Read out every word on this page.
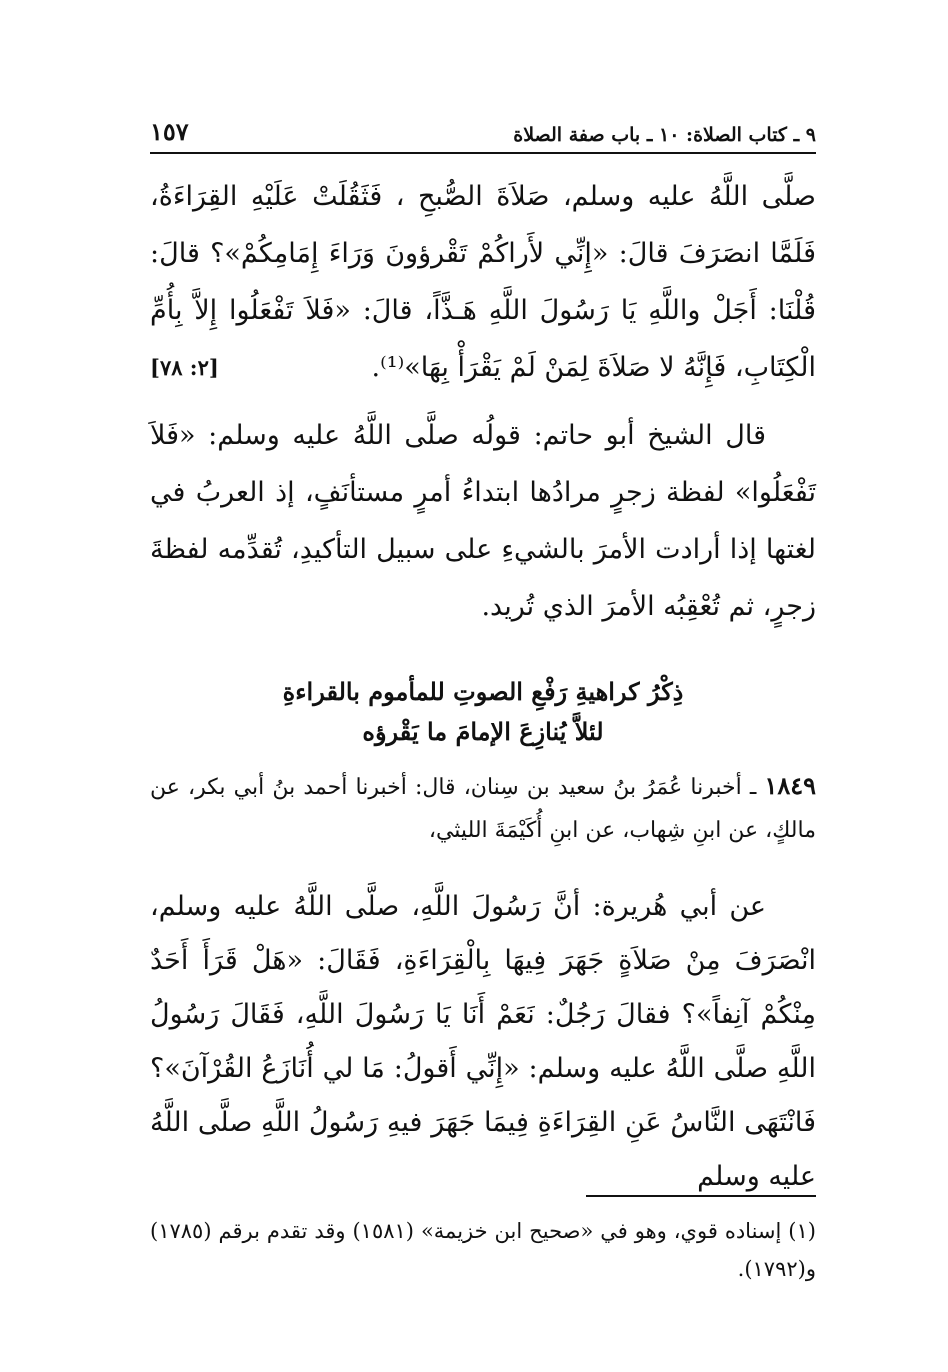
٩ ـ كتاب الصلاة: ١٠ ـ باب صفة الصلاة
١٥٧
صلَّى اللَّهُ عليه وسلم، صَلاَةَ الصُّبحِ ، فَثَقُلَتْ عَلَيْهِ القِرَاءَةُ، فَلَمَّا انصَرَفَ قالَ: «إِنِّي لأَراكُمْ تَقْرؤونَ وَرَاءَ إِمَامِكُمْ»؟ قالَ: قُلْنَا: أَجَلْ واللَّهِ يَا رَسُولَ اللَّهِ هَـذَّاً، قالَ: «فَلاَ تَفْعَلُوا إِلاَّ بِأُمِّ الْكِتَابِ، فَإِنَّهُ لا صَلاَةَ لِمَنْ لَمْ يَقْرَأْ بِهَا»⁽¹⁾.
[٢: ٧٨]

قال الشيخ أبو حاتم: قولُه صلَّى اللَّهُ عليه وسلم: «فَلاَ تَفْعَلُوا» لفظة زجرٍ مرادُها ابتداءُ أمرٍ مستأنَفٍ، إذ العربُ في لغتها إذا أرادت الأمرَ بالشيءِ على سبيل التأكيدِ، تُقدِّمه لفظةَ زجرٍ، ثم تُعْقِبُه الأمرَ الذي تُريد.

ذِكْرُ كراهيةِ رَفْعِ الصوتِ للمأموم بالقراءةِ
لئلاَّ يُنازِعَ الإمامَ ما يَقْرؤه

١٨٤٩ ـ أخبرنا عُمَرُ بنُ سعيد بن سِنان، قال: أخبرنا أحمد بنُ أبي بكر، عن مالكٍ، عن ابنِ شِهاب، عن ابنِ أُكَيْمَةَ الليثي،

عن أبي هُريرة: أنَّ رَسُولَ اللَّهِ، صلَّى اللَّهُ عليه وسلم، انْصَرَفَ مِنْ صَلاَةٍ جَهَرَ فِيهَا بِالْقِرَاءَةِ، فَقَالَ: «هَلْ قَرَأَ أَحَدٌ مِنْكُمْ آنِفاً»؟ فقالَ رَجُلٌ: نَعَمْ أَنَا يَا رَسُولَ اللَّهِ، فَقَالَ رَسُولُ اللَّهِ صلَّى اللَّهُ عليه وسلم: «إِنِّي أَقولُ: مَا لي أُنَازَعُ القُرْآنَ»؟ فَانْتَهَى النَّاسُ عَنِ القِرَاءَةِ فِيمَا جَهَرَ فيهِ رَسُولُ اللَّهِ صلَّى اللَّهُ عليه وسلم

(١) إسناده قوي، وهو في «صحيح ابن خزيمة» (١٥٨١) وقد تقدم برقم (١٧٨٥) و(١٧٩٢).
